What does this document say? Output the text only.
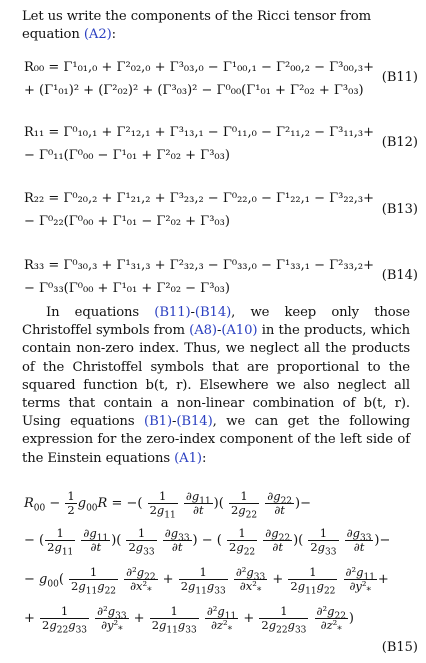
Let us write the components of the Ricci tensor from equation (A2):
R₀₀ = Γ¹₀₁,₀ + Γ²₀₂,₀ + Γ³₀₃,₀ − Γ¹₀₀,₁ − Γ²₀₀,₂ − Γ³₀₀,₃+
+ (Γ¹₀₁)² + (Γ²₀₂)² + (Γ³₀₃)² − Γ⁰₀₀(Γ¹₀₁ + Γ²₀₂ + Γ³₀₃)
(B11)
R₁₁ = Γ⁰₁₀,₁ + Γ²₁₂,₁ + Γ³₁₃,₁ − Γ⁰₁₁,₀ − Γ²₁₁,₂ − Γ³₁₁,₃+
− Γ⁰₁₁(Γ⁰₀₀ − Γ¹₀₁ + Γ²₀₂ + Γ³₀₃)
(B12)
R₂₂ = Γ⁰₂₀,₂ + Γ¹₂₁,₂ + Γ³₂₃,₂ − Γ⁰₂₂,₀ − Γ¹₂₂,₁ − Γ³₂₂,₃+
− Γ⁰₂₂(Γ⁰₀₀ + Γ¹₀₁ − Γ²₀₂ + Γ³₀₃)
(B13)
R₃₃ = Γ⁰₃₀,₃ + Γ¹₃₁,₃ + Γ²₃₂,₃ − Γ⁰₃₃,₀ − Γ¹₃₃,₁ − Γ²₃₃,₂+
− Γ⁰₃₃(Γ⁰₀₀ + Γ¹₀₁ + Γ²₀₂ − Γ³₀₃)
(B14)
In equations (B11)-(B14), we keep only those Christoffel symbols from (A8)-(A10) in the products, which contain non-zero index. Thus, we neglect all the products of the Christoffel symbols that are proportional to the squared function b(t, r). Elsewhere we also neglect all terms that contain a non-linear combination of b(t, r). Using equations (B1)-(B14), we can get the following expression for the zero-index component of the left side of the Einstein equations (A1):
$R_{00} - \frac{1}{2} g_{00}R$ = −( $\frac{1}{2g_{11}}$
$\frac{\partial g_{11}}{\partial t}$ )( $\frac{1}{2g_{22}}$
$\frac{\partial g_{22}}{\partial t}$ )−
− ( $\frac{1}{2g_{11}}$
$\frac{\partial g_{11}}{\partial t}$ )( $\frac{1}{2g_{33}}$
$\frac{\partial g_{33}}{\partial t}$ ) − ( $\frac{1}{2g_{22}}$
$\frac{\partial g_{22}}{\partial t}$ )( $\frac{1}{2g_{33}}$
$\frac{\partial g_{33}}{\partial t}$ )−
− $g_{00}( \frac{1}{2g_{11}g_{22}}$
$\frac{\partial^2g_{22}}{\partial x^2_*} + \frac{1}{2g_{11}g_{33}}$
$\frac{\partial^2g_{33}}{\partial x^2_*} + \frac{1}{2g_{11}g_{22}}$
$\frac{\partial^2g_{11}}{\partial y^2_*}$ +
+ $\frac{1}{2g_{22}g_{33}}$
$\frac{\partial^2g_{33}}{\partial y^2_*} + \frac{1}{2g_{11}g_{33}}$
$\frac{\partial^2g_{11}}{\partial z^2_*} + \frac{1}{2g_{22}g_{33}}$
$\frac{\partial^2g_{22}}{\partial z^2_*}$ )
(B15)
